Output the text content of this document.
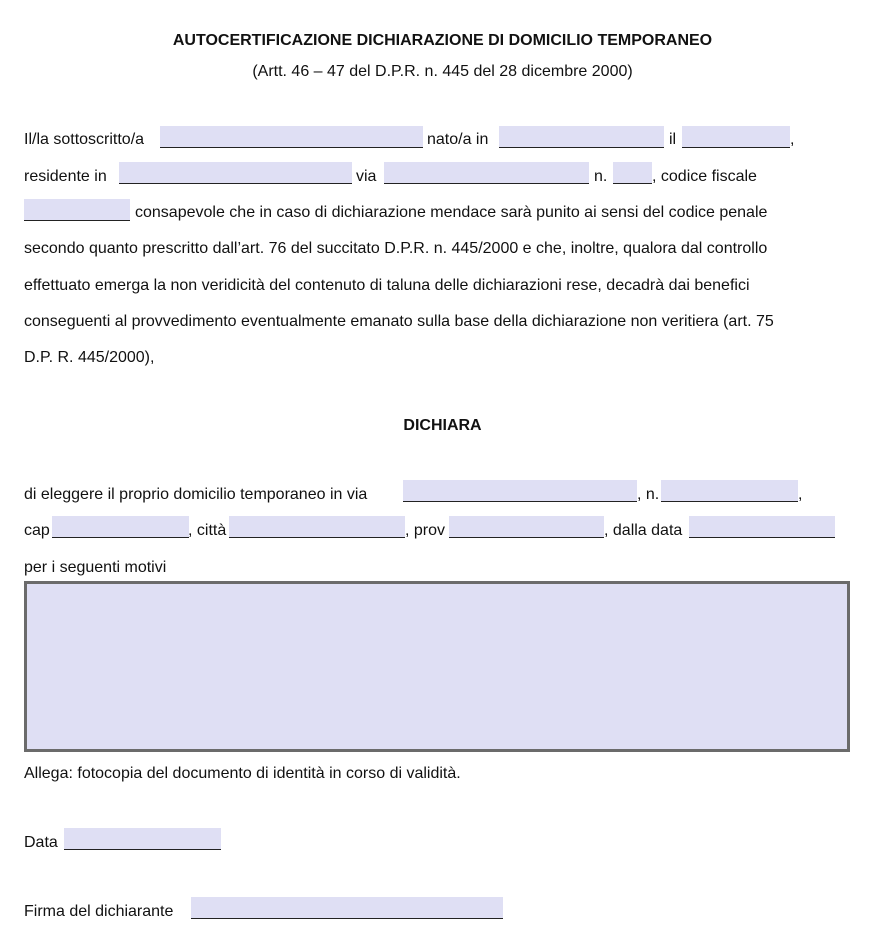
AUTOCERTIFICAZIONE DICHIARAZIONE DI DOMICILIO TEMPORANEO
(Artt. 46 – 47 del D.P.R. n. 445 del 28 dicembre 2000)
Il/la sottoscritto/a	nato/a in	il	,
residente in	via	n.	, codice fiscale
consapevole che in caso di dichiarazione mendace sarà punito ai sensi del codice penale
secondo quanto prescritto dall’art. 76 del succitato D.P.R. n. 445/2000 e che, inoltre, qualora dal controllo
effettuato emerga la non veridicità del contenuto di taluna delle dichiarazioni rese, decadrà dai benefici
conseguenti al provvedimento eventualmente emanato sulla base della dichiarazione non veritiera (art. 75
D.P. R. 445/2000),
DICHIARA
di eleggere il proprio domicilio temporaneo in via	, n.	,
cap	, città	, prov	, dalla data
per i seguenti motivi
Allega: fotocopia del documento di identità in corso di validità.
Data
Firma del dichiarante
